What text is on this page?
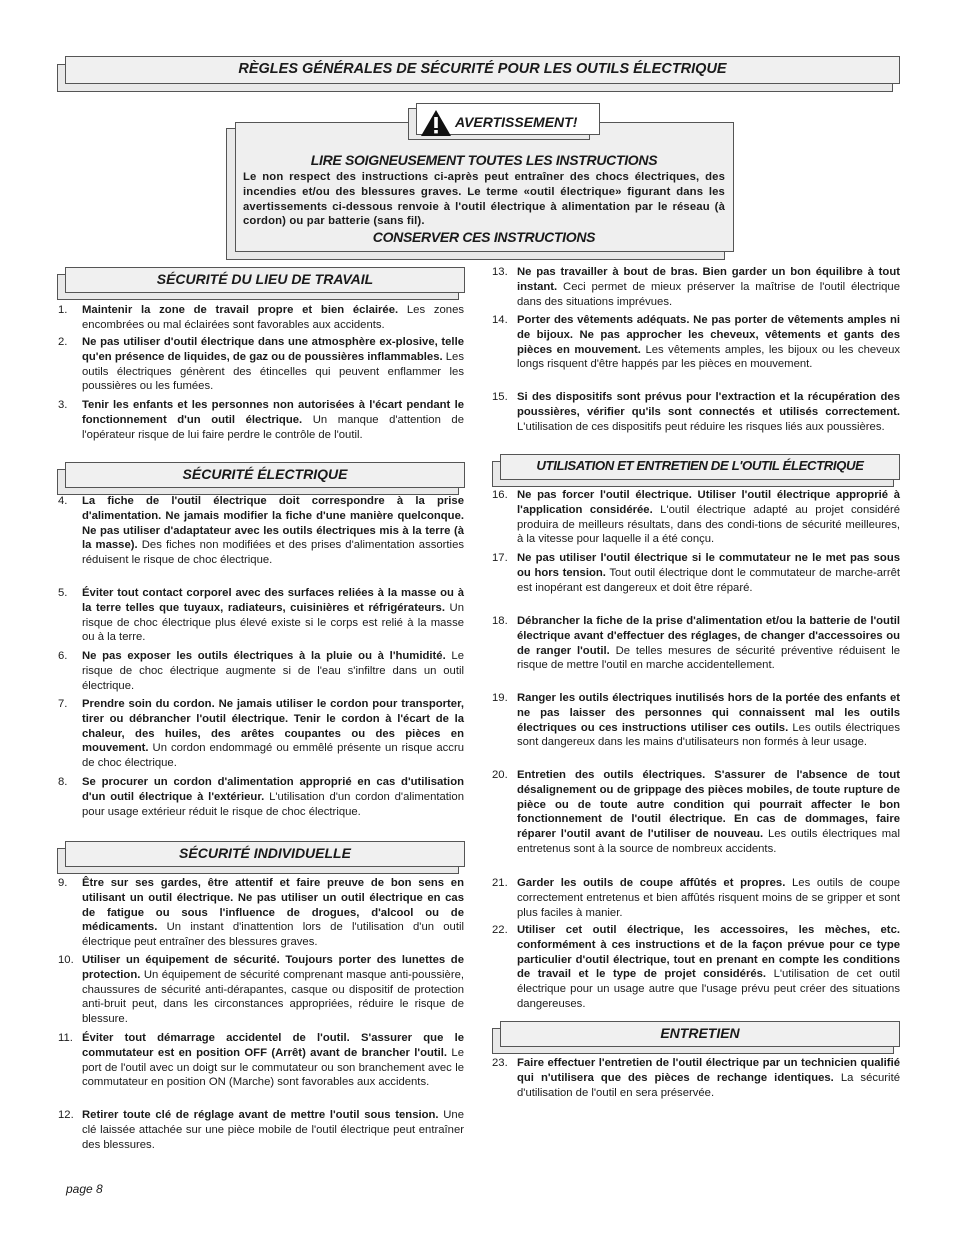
RÈGLES GÉNÉRALES DE SÉCURITÉ POUR LES OUTILS ÉLECTRIQUE
AVERTISSEMENT!
LIRE SOIGNEUSEMENT TOUTES LES INSTRUCTIONS
Le non respect des instructions ci-après peut entraîner des chocs électriques, des incendies et/ou des blessures graves. Le terme «outil électrique» figurant dans les avertissements ci-dessous renvoie à l'outil électrique à alimentation par le réseau (à cordon) ou par batterie (sans fil).
CONSERVER CES INSTRUCTIONS
SÉCURITÉ DU LIEU DE TRAVAIL
SÉCURITÉ ÉLECTRIQUE
SÉCURITÉ INDIVIDUELLE
UTILISATION ET ENTRETIEN DE L'OUTIL ÉLECTRIQUE
ENTRETIEN
1. Maintenir la zone de travail propre et bien éclairée. Les zones encombrées ou mal éclairées sont favorables aux accidents.
2. Ne pas utiliser d'outil électrique dans une atmosphère ex-plosive, telle qu'en présence de liquides, de gaz ou de poussières inflammables. Les outils électriques génèrent des étincelles qui peuvent enflammer les poussières ou les fumées.
3. Tenir les enfants et les personnes non autorisées à l'écart pendant le fonctionnement d'un outil électrique. Un manque d'attention de l'opérateur risque de lui faire perdre le contrôle de l'outil.
4. La fiche de l'outil électrique doit correspondre à la prise d'alimentation. Ne jamais modifier la fiche d'une manière quelconque. Ne pas utiliser d'adaptateur avec les outils électriques mis à la terre (à la masse). Des fiches non modifiées et des prises d'alimentation assorties réduisent le risque de choc électrique.
5. Éviter tout contact corporel avec des surfaces reliées à la masse ou à la terre telles que tuyaux, radiateurs, cuisinières et réfrigérateurs. Un risque de choc électrique plus élevé existe si le corps est relié à la masse ou à la terre.
6. Ne pas exposer les outils électriques à la pluie ou à l'humidité. Le risque de choc électrique augmente si de l'eau s'infiltre dans un outil électrique.
7. Prendre soin du cordon. Ne jamais utiliser le cordon pour transporter, tirer ou débrancher l'outil électrique. Tenir le cordon à l'écart de la chaleur, des huiles, des arêtes coupantes ou des pièces en mouvement. Un cordon endommagé ou emmêlé présente un risque accru de choc électrique.
8. Se procurer un cordon d'alimentation approprié en cas d'utilisation d'un outil électrique à l'extérieur. L'utilisation d'un cordon d'alimentation pour usage extérieur réduit le risque de choc électrique.
9. Être sur ses gardes, être attentif et faire preuve de bon sens en utilisant un outil électrique. Ne pas utiliser un outil électrique en cas de fatigue ou sous l'influence de drogues, d'alcool ou de médicaments. Un instant d'inattention lors de l'utilisation d'un outil électrique peut entraîner des blessures graves.
10. Utiliser un équipement de sécurité. Toujours porter des lunettes de protection. Un équipement de sécurité comprenant masque anti-poussière, chaussures de sécurité anti-dérapantes, casque ou dispositif de protection anti-bruit peut, dans les circonstances appropriées, réduire le risque de blessure.
11. Éviter tout démarrage accidentel de l'outil. S'assurer que le commutateur est en position OFF (Arrêt) avant de brancher l'outil. Le port de l'outil avec un doigt sur le commutateur ou son branchement avec le commutateur en position ON (Marche) sont favorables aux accidents.
12. Retirer toute clé de réglage avant de mettre l'outil sous tension. Une clé laissée attachée sur une pièce mobile de l'outil électrique peut entraîner des blessures.
13. Ne pas travailler à bout de bras. Bien garder un bon équilibre à tout instant. Ceci permet de mieux préserver la maîtrise de l'outil électrique dans des situations imprévues.
14. Porter des vêtements adéquats. Ne pas porter de vêtements amples ni de bijoux. Ne pas approcher les cheveux, vêtements et gants des pièces en mouvement. Les vêtements amples, les bijoux ou les cheveux longs risquent d'être happés par les pièces en mouvement.
15. Si des dispositifs sont prévus pour l'extraction et la récupération des poussières, vérifier qu'ils sont connectés et utilisés correctement. L'utilisation de ces dispositifs peut réduire les risques liés aux poussières.
16. Ne pas forcer l'outil électrique. Utiliser l'outil électrique approprié à l'application considérée. L'outil électrique adapté au projet considéré produira de meilleurs résultats, dans des condi-tions de sécurité meilleures, à la vitesse pour laquelle il a été conçu.
17. Ne pas utiliser l'outil électrique si le commutateur ne le met pas sous ou hors tension. Tout outil électrique dont le commutateur de marche-arrêt est inopérant est dangereux et doit être réparé.
18. Débrancher la fiche de la prise d'alimentation et/ou la batterie de l'outil électrique avant d'effectuer des réglages, de changer d'accessoires ou de ranger l'outil. De telles mesures de sécurité préventive réduisent le risque de mettre l'outil en marche accidentellement.
19. Ranger les outils électriques inutilisés hors de la portée des enfants et ne pas laisser des personnes qui connaissent mal les outils électriques ou ces instructions utiliser ces outils. Les outils électriques sont dangereux dans les mains d'utilisateurs non formés à leur usage.
20. Entretien des outils électriques. S'assurer de l'absence de tout désalignement ou de grippage des pièces mobiles, de toute rupture de pièce ou de toute autre condition qui pourrait affecter le bon fonctionnement de l'outil électrique. En cas de dommages, faire réparer l'outil avant de l'utiliser de nouveau. Les outils électriques mal entretenus sont à la source de nombreux accidents.
21. Garder les outils de coupe affûtés et propres. Les outils de coupe correctement entretenus et bien affûtés risquent moins de se gripper et sont plus faciles à manier.
22. Utiliser cet outil électrique, les accessoires, les mèches, etc. conformément à ces instructions et de la façon prévue pour ce type particulier d'outil électrique, tout en prenant en compte les conditions de travail et le type de projet considérés. L'utilisation de cet outil électrique pour un usage autre que l'usage prévu peut créer des situations dangereuses.
23. Faire effectuer l'entretien de l'outil électrique par un technicien qualifié qui n'utilisera que des pièces de rechange identiques. La sécurité d'utilisation de l'outil en sera préservée.
page 8
